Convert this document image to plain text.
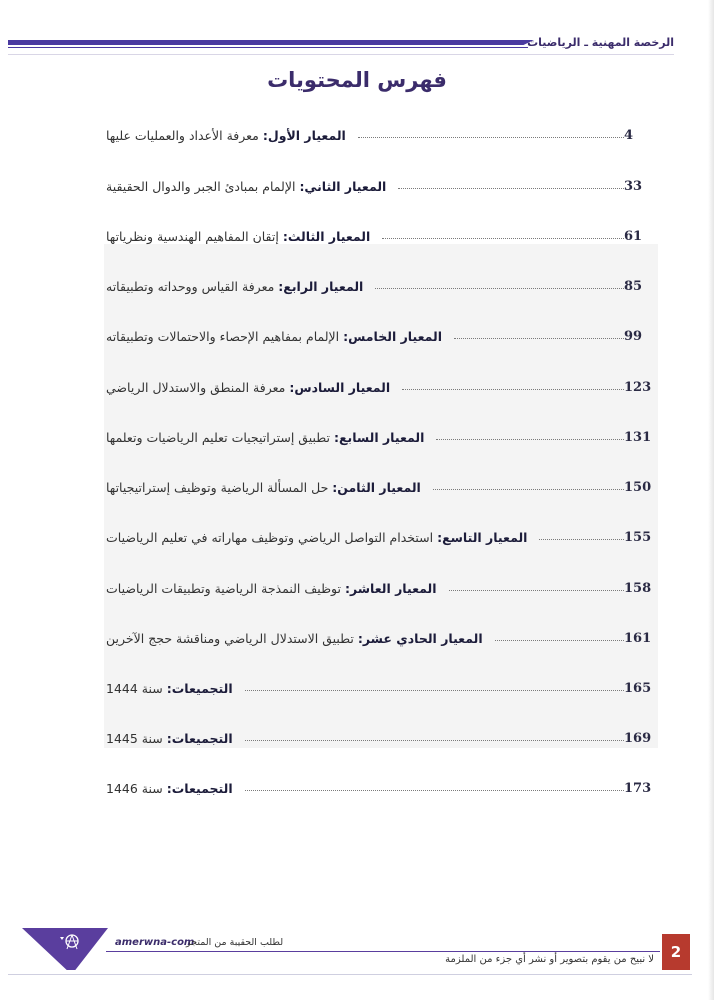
الرخصة المهنية ـ الرياضيات
فهرس المحتويات
المعيار الأول: معرفة الأعداد والعمليات عليها	4
المعيار الثاني: الإلمام بمبادئ الجبر والدوال الحقيقية	33
المعيار الثالث: إتقان المفاهيم الهندسية ونظرياتها	61
المعيار الرابع: معرفة القياس ووحداته وتطبيقاته	85
المعيار الخامس: الإلمام بمفاهيم الإحصاء والاحتمالات وتطبيقاته	99
المعيار السادس: معرفة المنطق والاستدلال الرياضي	123
المعيار السابع: تطبيق إستراتيجيات تعليم الرياضيات وتعلمها	131
المعيار الثامن: حل المسألة الرياضية وتوظيف إستراتيجياتها	150
المعيار التاسع: استخدام التواصل الرياضي وتوظيف مهاراته في تعليم الرياضيات	155
المعيار العاشر: توظيف النمذجة الرياضية وتطبيقات الرياضيات	158
المعيار الحادي عشر: تطبيق الاستدلال الرياضي ومناقشة حجج الآخرين	161
التجميعات: سنة 1444	165
التجميعات: سنة 1445	169
التجميعات: سنة 1446	173
amerwna-com
لطلب الحقيبة من المتجر
لا نبيح من يقوم بتصوير أو نشر أي جزء من الملزمة	2
